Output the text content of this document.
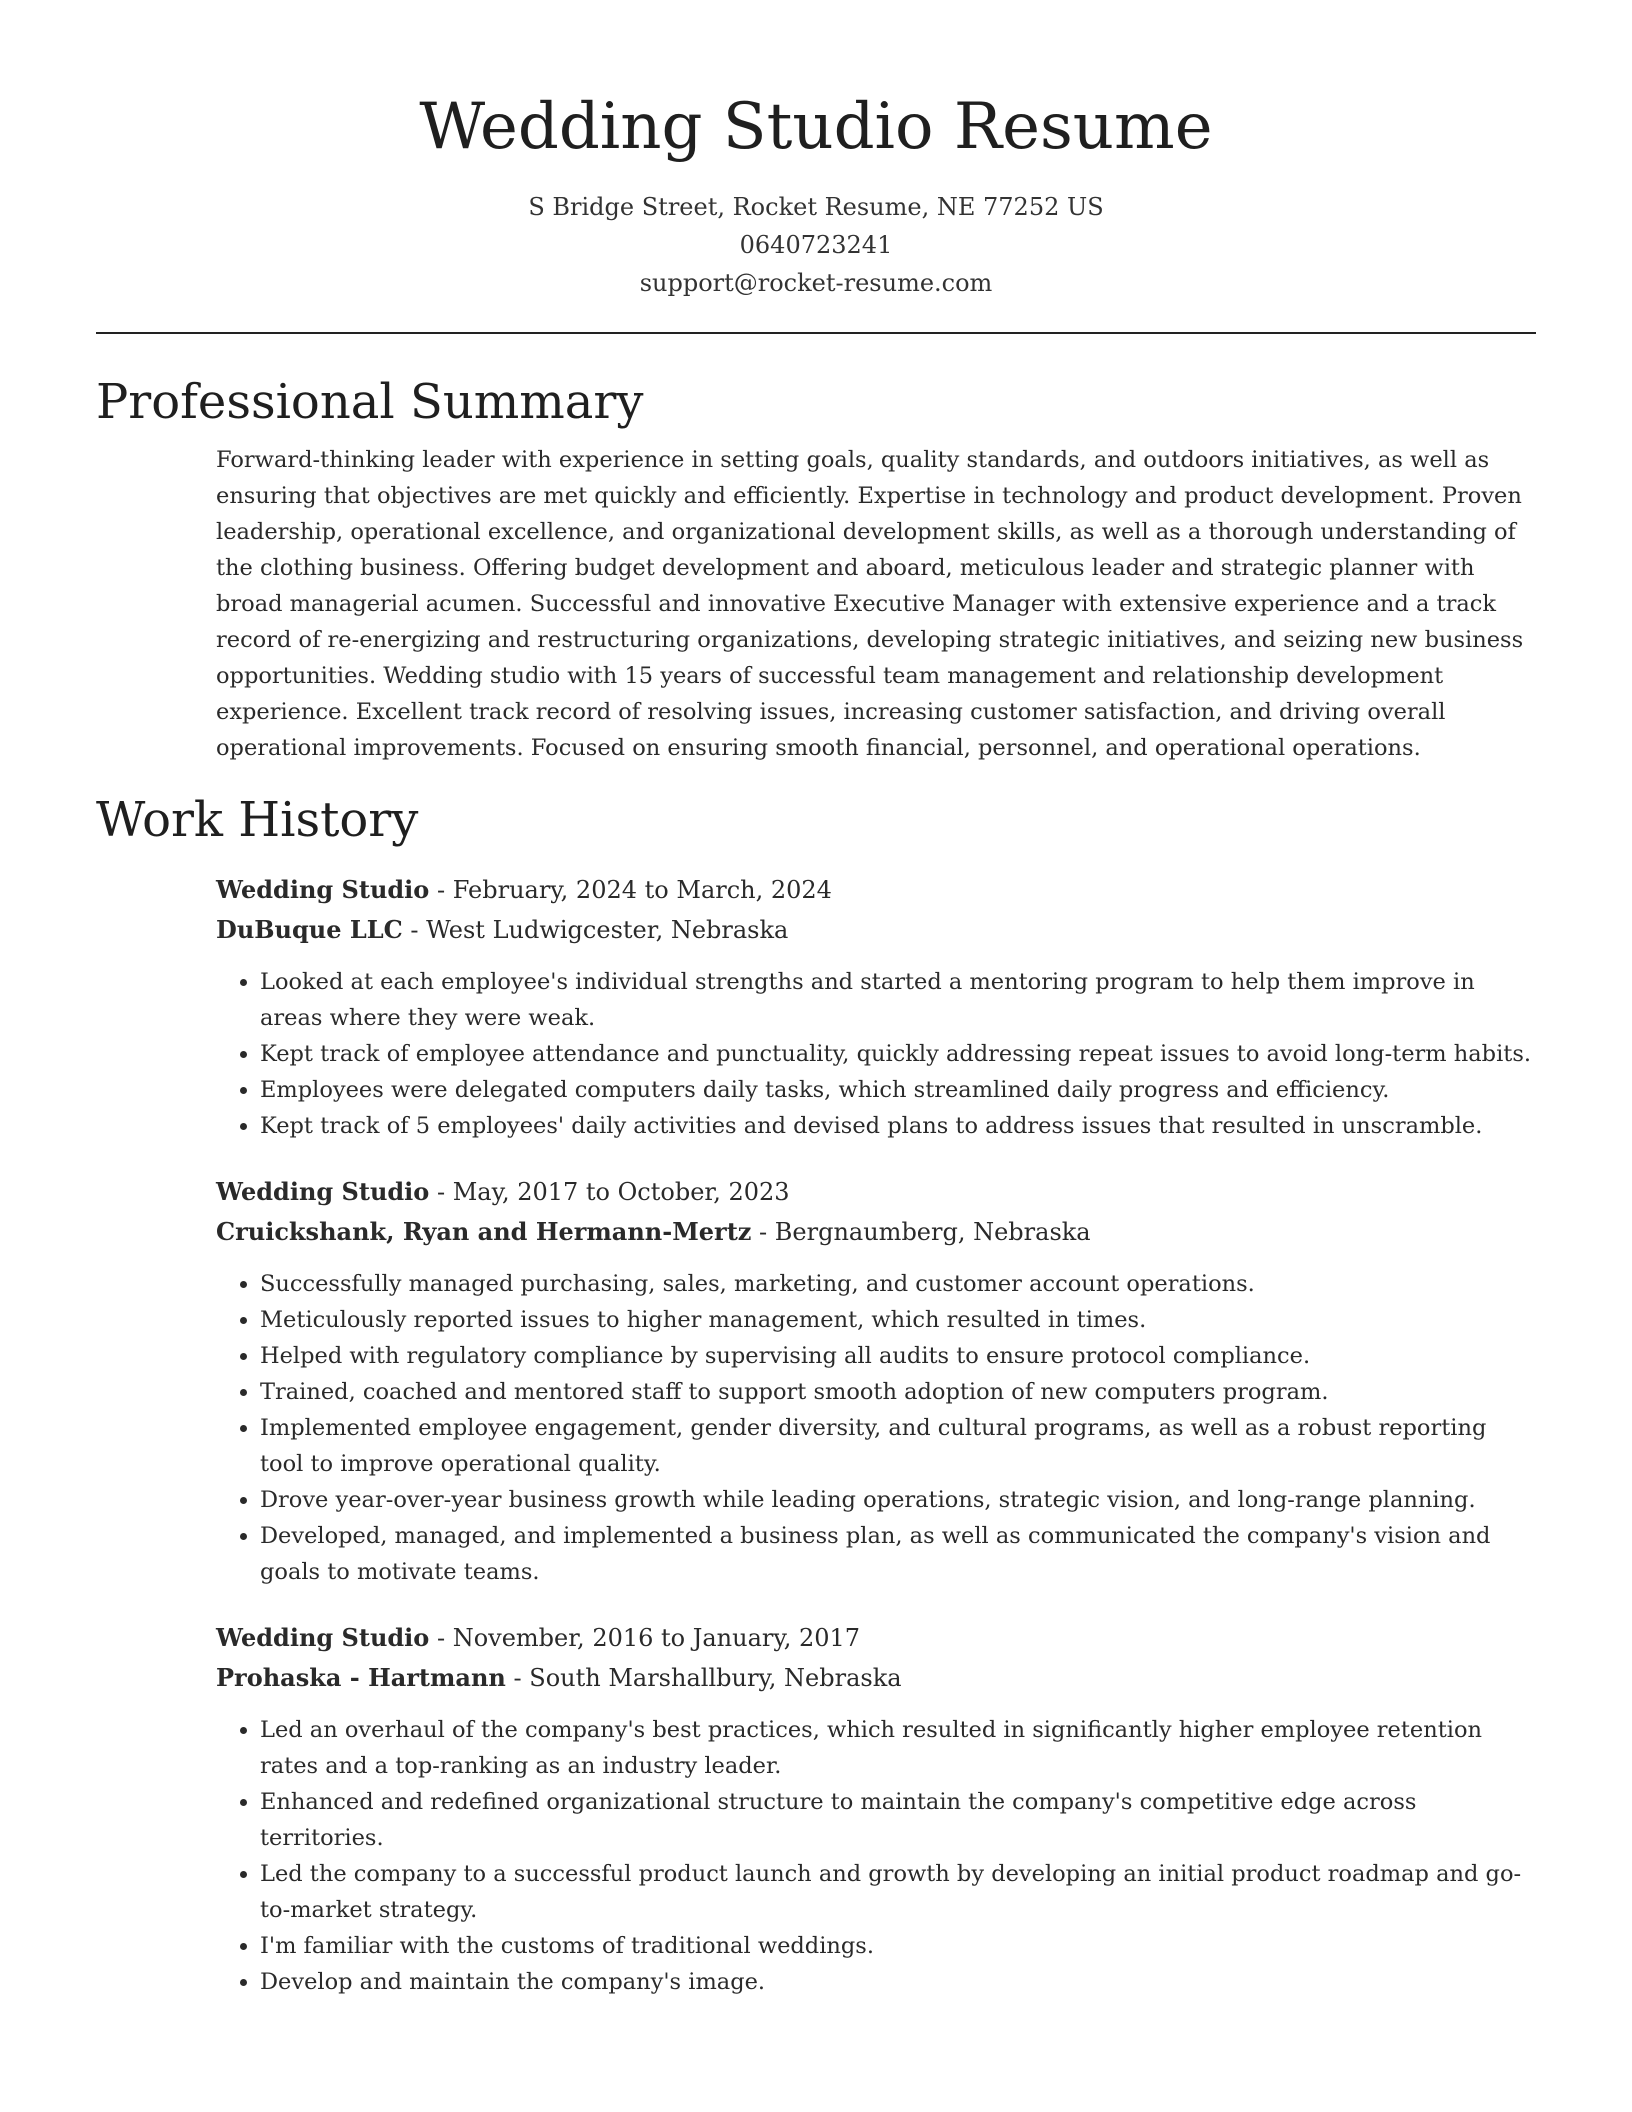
Wedding Studio Resume
S Bridge Street, Rocket Resume, NE 77252 US
0640723241
support@rocket-resume.com
Professional Summary

Forward-thinking leader with experience in setting goals, quality standards, and outdoors initiatives, as well as ensuring that objectives are met quickly and efficiently. Expertise in technology and product development. Proven leadership, operational excellence, and organizational development skills, as well as a thorough understanding of the clothing business. Offering budget development and aboard, meticulous leader and strategic planner with broad managerial acumen. Successful and innovative Executive Manager with extensive experience and a track record of re-energizing and restructuring organizations, developing strategic initiatives, and seizing new business opportunities. Wedding studio with 15 years of successful team management and relationship development experience. Excellent track record of resolving issues, increasing customer satisfaction, and driving overall operational improvements. Focused on ensuring smooth financial, personnel, and operational operations.

Work History
Wedding Studio - February, 2024 to March, 2024
DuBuque LLC - West Ludwigcester, Nebraska
• Looked at each employee's individual strengths and started a mentoring program to help them improve in areas where they were weak.
• Kept track of employee attendance and punctuality, quickly addressing repeat issues to avoid long-term habits.
• Employees were delegated computers daily tasks, which streamlined daily progress and efficiency.
• Kept track of 5 employees' daily activities and devised plans to address issues that resulted in unscramble.
Wedding Studio - May, 2017 to October, 2023
Cruickshank, Ryan and Hermann-Mertz - Bergnaumberg, Nebraska
• Successfully managed purchasing, sales, marketing, and customer account operations.
• Meticulously reported issues to higher management, which resulted in times.
• Helped with regulatory compliance by supervising all audits to ensure protocol compliance.
• Trained, coached and mentored staff to support smooth adoption of new computers program.
• Implemented employee engagement, gender diversity, and cultural programs, as well as a robust reporting tool to improve operational quality.
• Drove year-over-year business growth while leading operations, strategic vision, and long-range planning.
• Developed, managed, and implemented a business plan, as well as communicated the company's vision and goals to motivate teams.
Wedding Studio - November, 2016 to January, 2017
Prohaska - Hartmann - South Marshallbury, Nebraska
• Led an overhaul of the company's best practices, which resulted in significantly higher employee retention rates and a top-ranking as an industry leader.
• Enhanced and redefined organizational structure to maintain the company's competitive edge across territories.
• Led the company to a successful product launch and growth by developing an initial product roadmap and go-to-market strategy.
• I'm familiar with the customs of traditional weddings.
• Develop and maintain the company's image.
